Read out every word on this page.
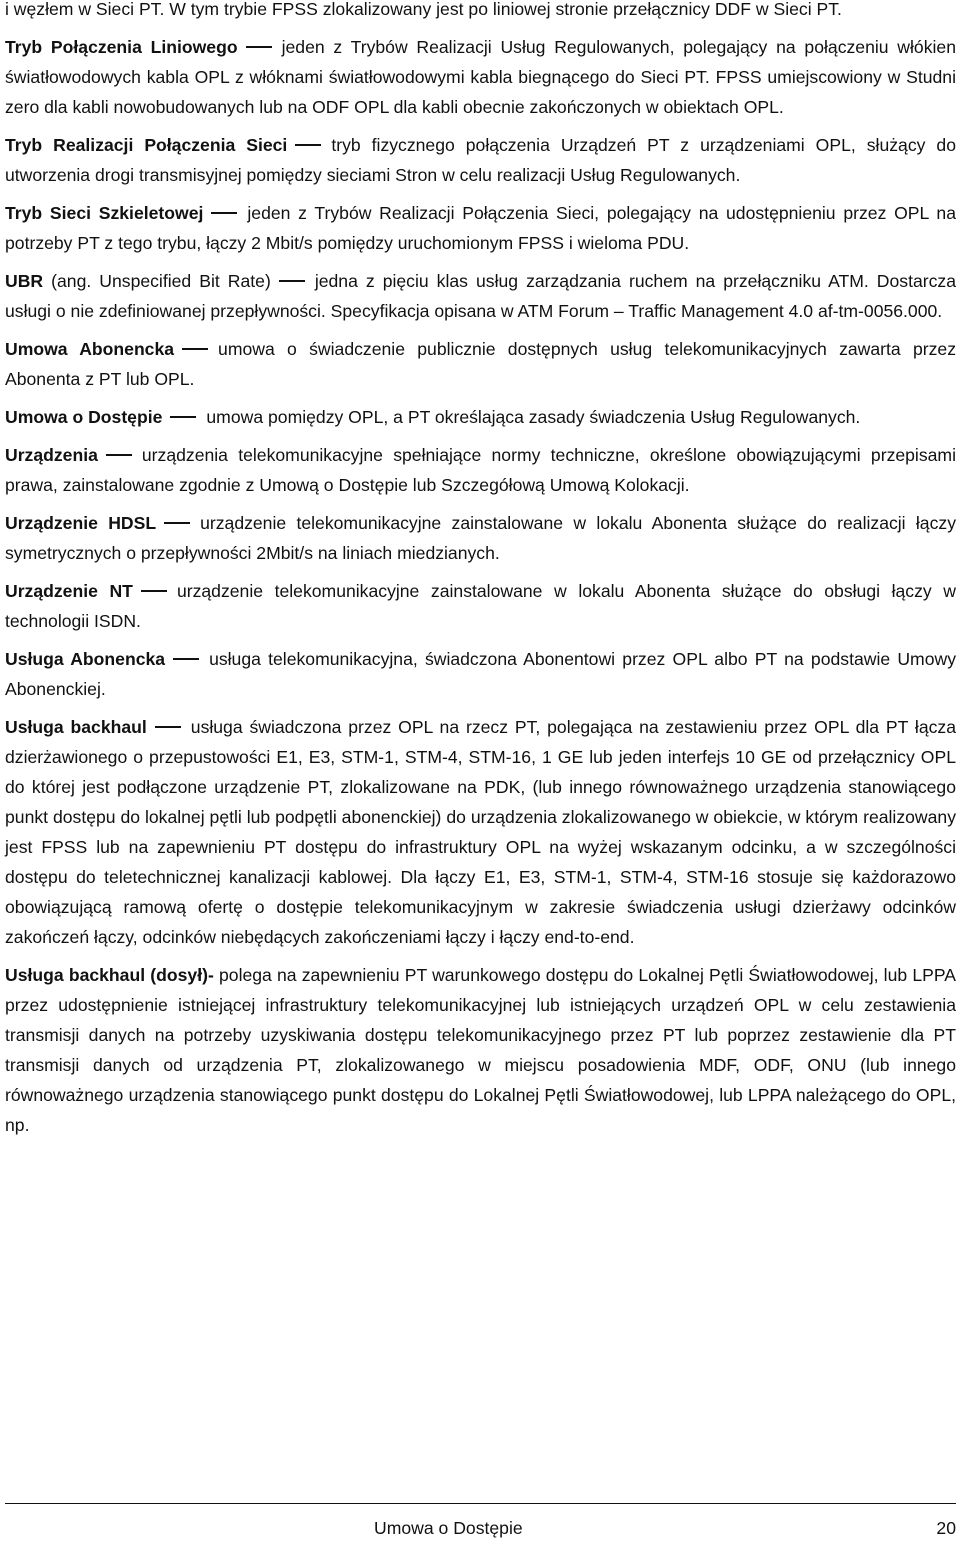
i węzłem w Sieci PT. W tym trybie FPSS zlokalizowany jest po liniowej stronie przełącznicy DDF w Sieci PT.

Tryb Połączenia Liniowego	jeden z Trybów Realizacji Usług Regulowanych, polegający na połączeniu włókien światłowodowych kabla OPL z włóknami światłowodowymi kabla biegnącego do Sieci PT. FPSS umiejscowiony w Studni zero dla kabli nowobudowanych lub na ODF OPL dla kabli obecnie zakończonych w obiektach OPL.

Tryb Realizacji Połączenia Sieci	tryb fizycznego połączenia Urządzeń PT z urządzeniami OPL, służący do utworzenia drogi transmisyjnej pomiędzy sieciami Stron w celu realizacji Usług Regulowanych.

Tryb Sieci Szkieletowej	jeden z Trybów Realizacji Połączenia Sieci, polegający na udostępnieniu przez OPL na potrzeby PT z tego trybu, łączy 2 Mbit/s pomiędzy uruchomionym FPSS i wieloma PDU.

UBR (ang. Unspecified Bit Rate)	jedna z pięciu klas usług zarządzania ruchem na przełączniku ATM. Dostarcza usługi o nie zdefiniowanej przepływności. Specyfikacja opisana w ATM Forum – Traffic Management 4.0 af-tm-0056.000.

Umowa Abonencka	umowa o świadczenie publicznie dostępnych usług telekomunikacyjnych zawarta przez Abonenta z PT lub OPL.

Umowa o Dostępie	umowa pomiędzy OPL, a PT określająca zasady świadczenia Usług Regulowanych.

Urządzenia	urządzenia telekomunikacyjne spełniające normy techniczne, określone obowiązującymi przepisami prawa, zainstalowane zgodnie z Umową o Dostępie lub Szczegółową Umową Kolokacji.

Urządzenie HDSL	urządzenie telekomunikacyjne zainstalowane w lokalu Abonenta służące do realizacji łączy symetrycznych o przepływności 2Mbit/s na liniach miedzianych.

Urządzenie NT	urządzenie telekomunikacyjne zainstalowane w lokalu Abonenta służące do obsługi łączy w technologii ISDN.

Usługa Abonencka	usługa telekomunikacyjna, świadczona Abonentowi przez OPL albo PT na podstawie Umowy Abonenckiej.

Usługa backhaul	usługa świadczona przez OPL na rzecz PT, polegająca na zestawieniu przez OPL dla PT łącza dzierżawionego o przepustowości E1, E3, STM-1, STM-4, STM-16, 1 GE lub jeden interfejs 10 GE od przełącznicy OPL do której jest podłączone urządzenie PT, zlokalizowane na PDK, (lub innego równoważnego urządzenia stanowiącego punkt dostępu do lokalnej pętli lub podpętli abonenckiej) do urządzenia zlokalizowanego w obiekcie, w którym realizowany jest FPSS lub na zapewnieniu PT dostępu do infrastruktury OPL na wyżej wskazanym odcinku, a w szczególności dostępu do teletechnicznej kanalizacji kablowej. Dla łączy E1, E3, STM-1, STM-4, STM-16 stosuje się każdorazowo obowiązującą ramową ofertę o dostępie telekomunikacyjnym w zakresie świadczenia usługi dzierżawy odcinków zakończeń łączy, odcinków niebędących zakończeniami łączy i łączy end-to-end.

Usługa backhaul (dosył)- polega na zapewnieniu PT warunkowego dostępu do Lokalnej Pętli Światłowodowej, lub LPPA przez udostępnienie istniejącej infrastruktury telekomunikacyjnej lub istniejących urządzeń OPL w celu zestawienia transmisji danych na potrzeby uzyskiwania dostępu telekomunikacyjnego przez PT lub poprzez zestawienie dla PT transmisji danych od urządzenia PT, zlokalizowanego w miejscu posadowienia MDF, ODF, ONU (lub innego równoważnego urządzenia stanowiącego punkt dostępu do Lokalnej Pętli Światłowodowej, lub LPPA należącego do OPL, np.

Umowa o Dostępie	20
